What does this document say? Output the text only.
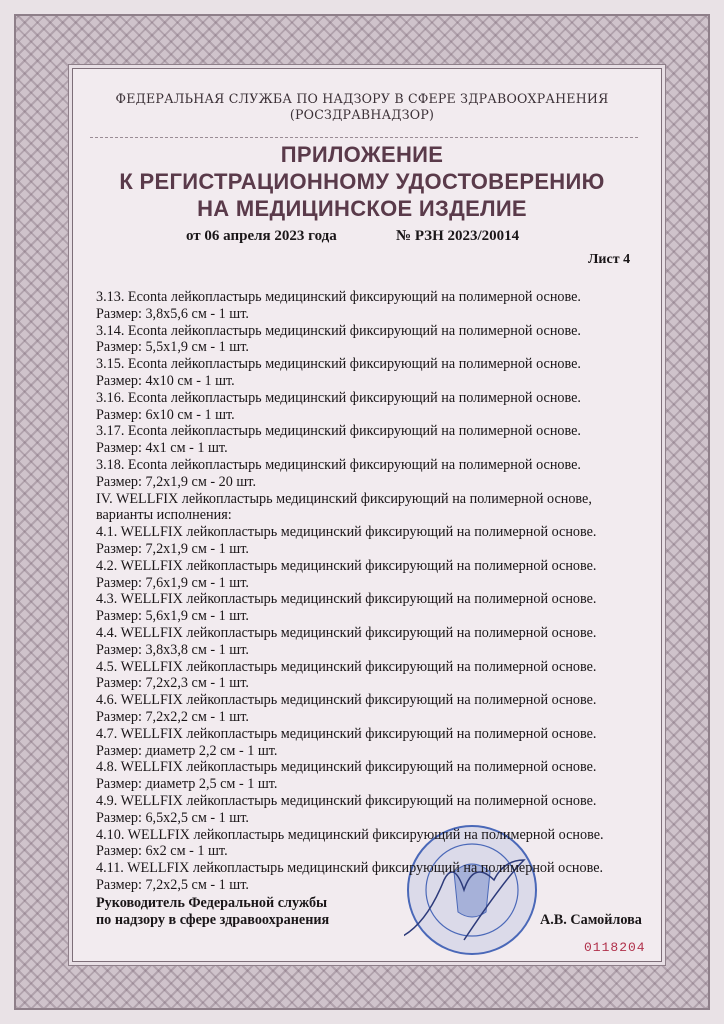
ФЕДЕРАЛЬНАЯ СЛУЖБА ПО НАДЗОРУ В СФЕРЕ ЗДРАВООХРАНЕНИЯ
(РОСЗДРАВНАДЗОР)
ПРИЛОЖЕНИЕ
К РЕГИСТРАЦИОННОМУ УДОСТОВЕРЕНИЮ
НА МЕДИЦИНСКОЕ ИЗДЕЛИЕ
от 06 апреля 2023 года	№ РЗН 2023/20014
Лист 4
3.13. Econta лейкопластырь медицинский фиксирующий на полимерной основе.
Размер: 3,8х5,6 см - 1 шт.
3.14. Econta лейкопластырь медицинский фиксирующий на полимерной основе.
Размер: 5,5х1,9 см - 1 шт.
3.15. Econta лейкопластырь медицинский фиксирующий на полимерной основе.
Размер: 4х10 см - 1 шт.
3.16. Econta лейкопластырь медицинский фиксирующий на полимерной основе.
Размер: 6х10 см - 1 шт.
3.17. Econta лейкопластырь медицинский фиксирующий на полимерной основе.
Размер: 4х1 см - 1 шт.
3.18. Econta лейкопластырь медицинский фиксирующий на полимерной основе.
Размер: 7,2х1,9 см - 20 шт.
IV. WELLFIX лейкопластырь медицинский фиксирующий на полимерной основе,
варианты исполнения:
4.1. WELLFIX лейкопластырь медицинский фиксирующий на полимерной основе.
Размер: 7,2х1,9 см - 1 шт.
4.2. WELLFIX лейкопластырь медицинский фиксирующий на полимерной основе.
Размер: 7,6х1,9 см - 1 шт.
4.3. WELLFIX лейкопластырь медицинский фиксирующий на полимерной основе.
Размер: 5,6х1,9 см - 1 шт.
4.4. WELLFIX лейкопластырь медицинский фиксирующий на полимерной основе.
Размер: 3,8х3,8 см - 1 шт.
4.5. WELLFIX лейкопластырь медицинский фиксирующий на полимерной основе.
Размер: 7,2х2,3 см - 1 шт.
4.6. WELLFIX лейкопластырь медицинский фиксирующий на полимерной основе.
Размер: 7,2х2,2 см - 1 шт.
4.7. WELLFIX лейкопластырь медицинский фиксирующий на полимерной основе.
Размер: диаметр 2,2 см - 1 шт.
4.8. WELLFIX лейкопластырь медицинский фиксирующий на полимерной основе.
Размер: диаметр 2,5 см - 1 шт.
4.9. WELLFIX лейкопластырь медицинский фиксирующий на полимерной основе.
Размер: 6,5х2,5 см - 1 шт.
4.10. WELLFIX лейкопластырь медицинский фиксирующий на полимерной основе.
Размер: 6х2 см - 1 шт.
4.11. WELLFIX лейкопластырь медицинский фиксирующий на полимерной основе.
Размер: 7,2х2,5 см - 1 шт.
Руководитель Федеральной службы
по надзору в сфере здравоохранения	А.В. Самойлова
0118204
